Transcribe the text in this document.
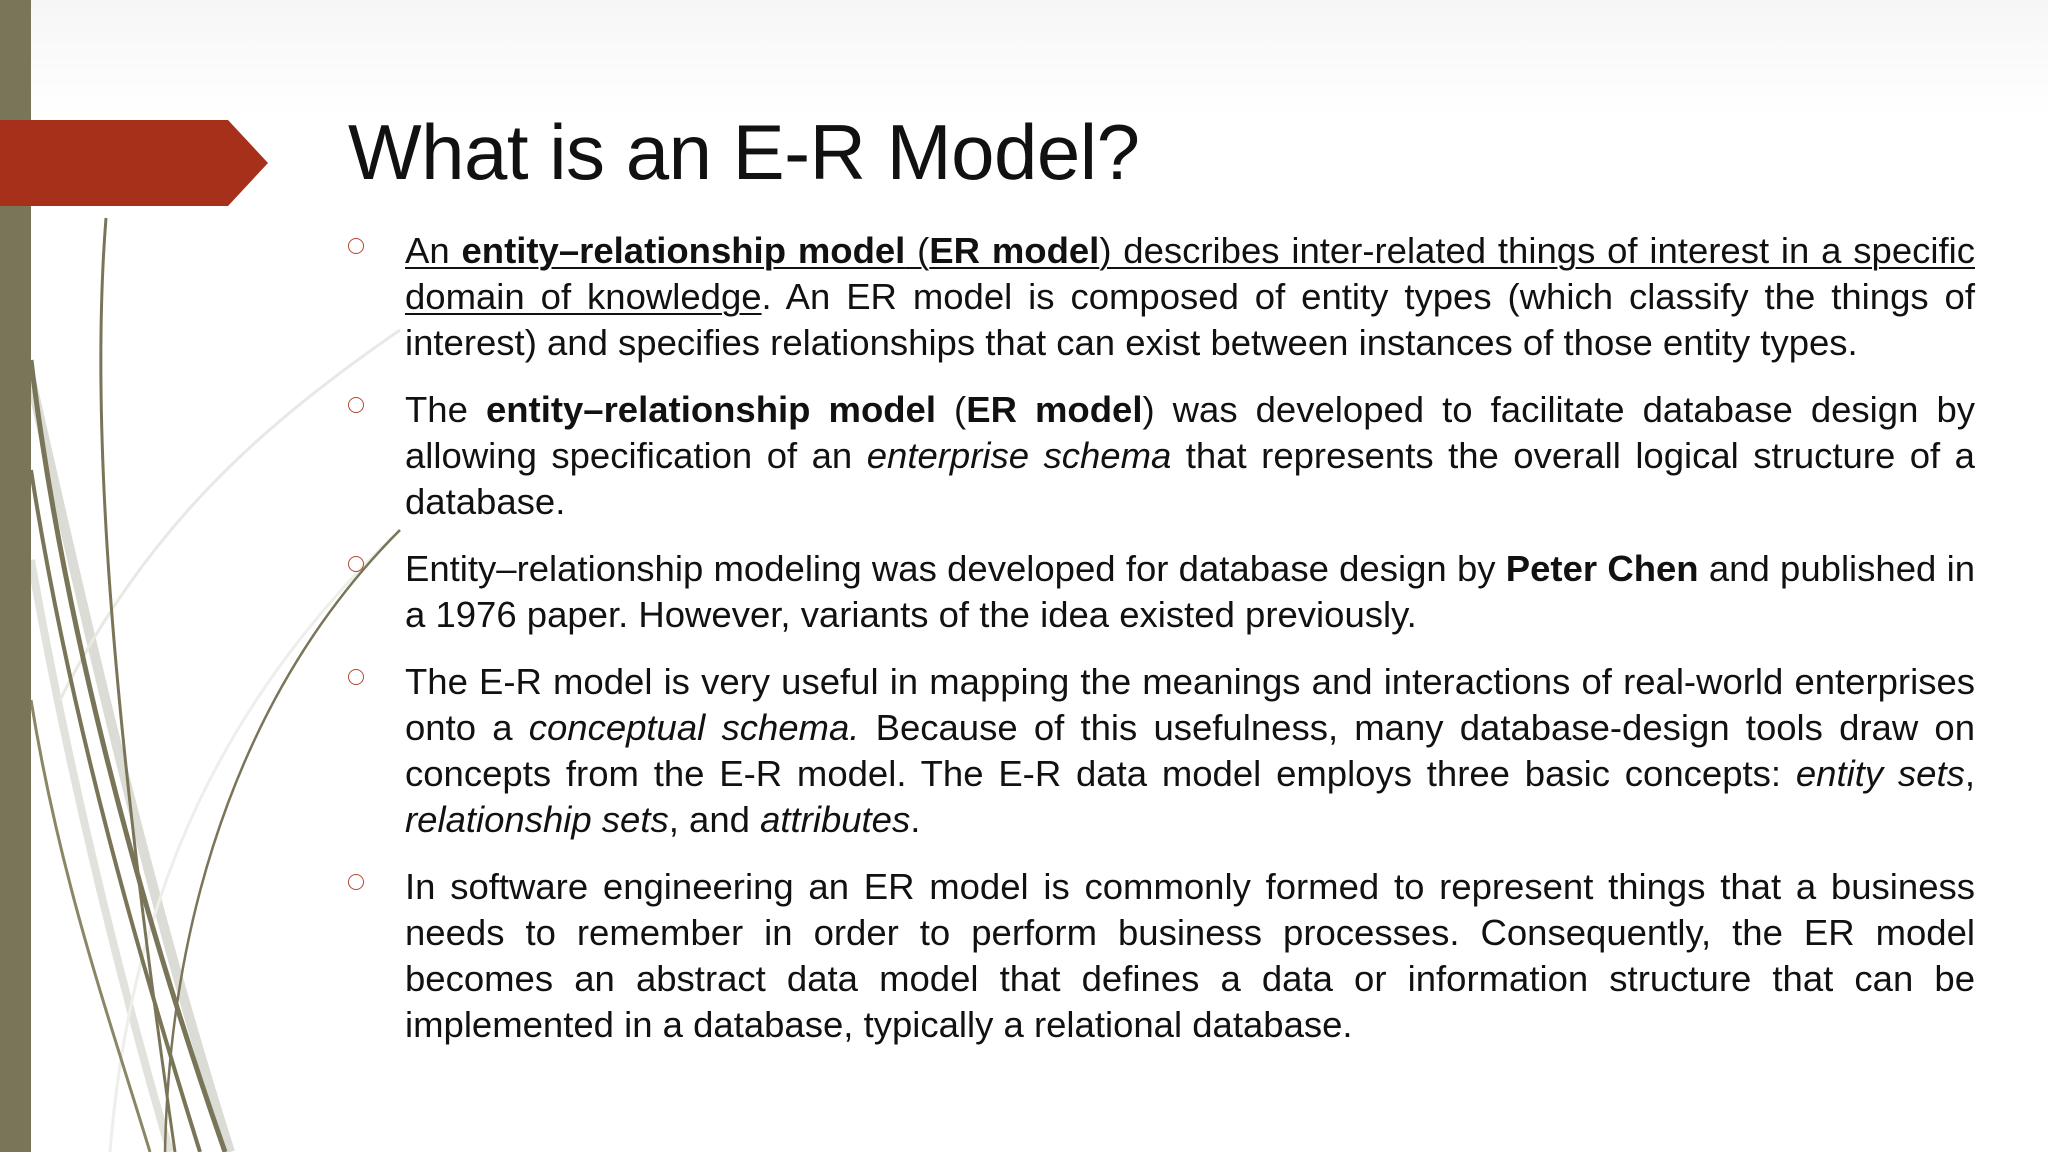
What is an E-R Model?
An entity–relationship model (ER model) describes inter-related things of interest in a specific domain of knowledge. An ER model is composed of entity types (which classify the things of interest) and specifies relationships that can exist between instances of those entity types.
The entity–relationship model (ER model) was developed to facilitate database design by allowing specification of an enterprise schema that represents the overall logical structure of a database.
Entity–relationship modeling was developed for database design by Peter Chen and published in a 1976 paper. However, variants of the idea existed previously.
The E-R model is very useful in mapping the meanings and interactions of real-world enterprises onto a conceptual schema. Because of this usefulness, many database-design tools draw on concepts from the E-R model. The E-R data model employs three basic concepts: entity sets, relationship sets, and attributes.
In software engineering an ER model is commonly formed to represent things that a business needs to remember in order to perform business processes. Consequently, the ER model becomes an abstract data model that defines a data or information structure that can be implemented in a database, typically a relational database.
